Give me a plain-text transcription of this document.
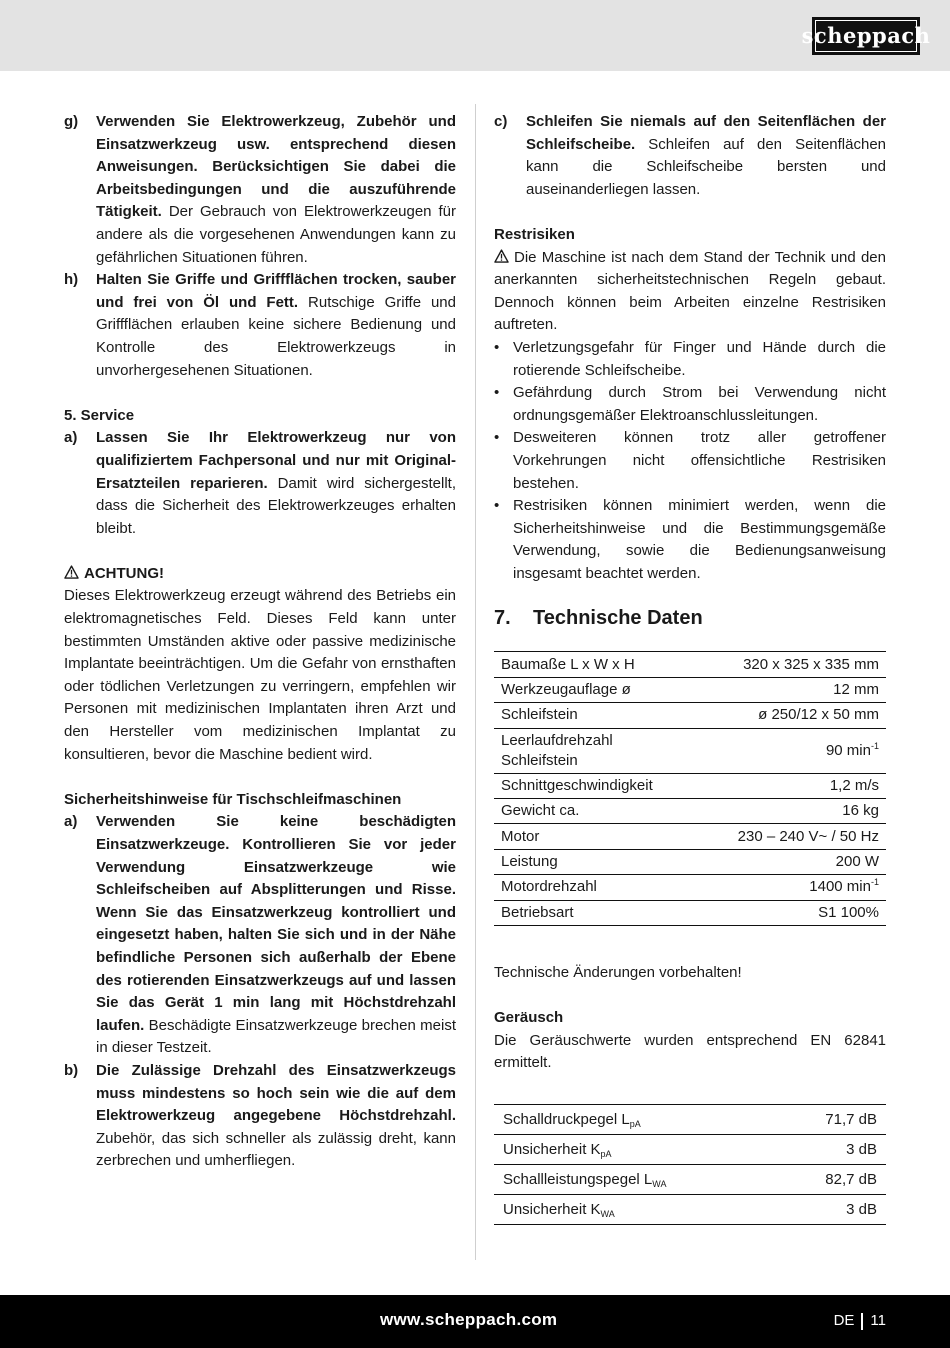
scheppach
g)	Verwenden Sie Elektrowerkzeug, Zubehör und Einsatzwerkzeug usw. entsprechend diesen Anweisungen. Berücksichtigen Sie dabei die Arbeitsbedingungen und die auszuführende Tätigkeit. Der Gebrauch von Elektrowerkzeugen für andere als die vorgesehenen Anwendungen kann zu gefährlichen Situationen führen.
h)	Halten Sie Griffe und Griffflächen trocken, sauber und frei von Öl und Fett. Rutschige Griffe und Griffflächen erlauben keine sichere Bedienung und Kontrolle des Elektrowerkzeugs in unvorhergesehenen Situationen.
5. Service
a)	Lassen Sie Ihr Elektrowerkzeug nur von qualifiziertem Fachpersonal und nur mit Original-Ersatzteilen reparieren. Damit wird sichergestellt, dass die Sicherheit des Elektrowerkzeuges erhalten bleibt.
ACHTUNG!

Dieses Elektrowerkzeug erzeugt während des Betriebs ein elektromagnetisches Feld. Dieses Feld kann unter bestimmten Umständen aktive oder passive medizinische Implantate beeinträchtigen. Um die Gefahr von ernsthaften oder tödlichen Verletzungen zu verringern, empfehlen wir Personen mit medizinischen Implantaten ihren Arzt und den Hersteller vom medizinischen Implantat zu konsultieren, bevor die Maschine bedient wird.

Sicherheitshinweise für Tischschleifmaschinen
a)	Verwenden Sie keine beschädigten Einsatzwerkzeuge. Kontrollieren Sie vor jeder Verwendung Einsatzwerkzeuge wie Schleifscheiben auf Absplitterungen und Risse. Wenn Sie das Einsatzwerkzeug kontrolliert und eingesetzt haben, halten Sie sich und in der Nähe befindliche Personen sich außerhalb der Ebene des rotierenden Einsatzwerkzeugs auf und lassen Sie das Gerät 1 min lang mit Höchstdrehzahl laufen. Beschädigte Einsatzwerkzeuge brechen meist in dieser Testzeit.
b)	Die Zulässige Drehzahl des Einsatzwerkzeugs muss mindestens so hoch sein wie die auf dem Elektrowerkzeug angegebene Höchstdrehzahl. Zubehör, das sich schneller als zulässig dreht, kann zerbrechen und umherfliegen.
c)	Schleifen Sie niemals auf den Seitenflächen der Schleifscheibe. Schleifen auf den Seitenflächen kann die Schleifscheibe bersten und auseinanderliegen lassen.
Restrisiken

Die Maschine ist nach dem Stand der Technik und den anerkannten sicherheitstechnischen Regeln gebaut. Dennoch können beim Arbeiten einzelne Restrisiken auftreten.

• Verletzungsgefahr für Finger und Hände durch die rotierende Schleifscheibe.
• Gefährdung durch Strom bei Verwendung nicht ordnungsgemäßer Elektroanschlussleitungen.
• Desweiteren können trotz aller getroffener Vorkehrungen nicht offensichtliche Restrisiken bestehen.
• Restrisiken können minimiert werden, wenn die Sicherheitshinweise und die Bestimmungsgemäße Verwendung, sowie die Bedienungsanweisung insgesamt beachtet werden.
7.	Technische Daten
Baumaße L x W x H	320 x 325 x 335 mm
Werkzeugauflage ø	12 mm
Schleifstein	ø 250/12 x 50 mm
Leerlaufdrehzahl Schleifstein	90 $\min^{-1}$
Schnittgeschwindigkeit	1,2 m/s
Gewicht ca.	16 kg
Motor	230 – 240 V~ / 50 Hz
Leistung	200 W
Motordrehzahl	1400 $\min^{-1}$
Betriebsart	S1 100%

Technische Änderungen vorbehalten!

Geräusch

Die Geräuschwerte wurden entsprechend EN 62841 ermittelt.

Schalldruckpegel $L_{pA}$	71,7 dB
Unsicherheit $K_{pA}$	3 dB
Schallleistungspegel $L_{WA}$	82,7 dB
Unsicherheit $K_{WA}$	3 dB
www.scheppach.com	DE 11
